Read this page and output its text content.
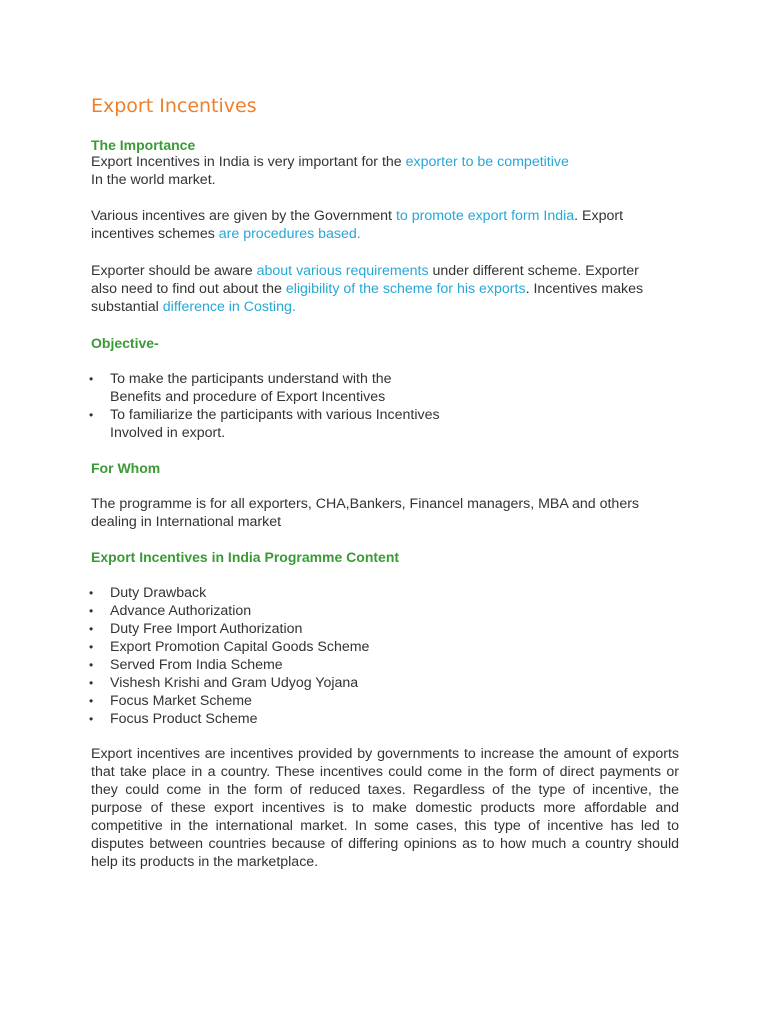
Export Incentives
The Importance

Export Incentives in India is very important for the exporter to be competitive
In the world market.

Various incentives are given by the Government to promote export form India. Export
incentives schemes are procedures based.

Exporter should be aware about various requirements under different scheme. Exporter
also need to find out about the eligibility of the scheme for his exports. Incentives makes
substantial difference in Costing.

Objective-
• To make the participants understand with the
Benefits and procedure of Export Incentives
• To familiarize the participants with various Incentives
Involved in export.
For Whom

The programme is for all exporters, CHA,Bankers, Financel managers, MBA and others
dealing in International market

Export Incentives in India Programme Content
• Duty Drawback
• Advance Authorization
• Duty Free Import Authorization
• Export Promotion Capital Goods Scheme
• Served From India Scheme
• Vishesh Krishi and Gram Udyog Yojana
• Focus Market Scheme
• Focus Product Scheme

Export incentives are incentives provided by governments to increase the amount of exports that take place in a country. These incentives could come in the form of direct payments or they could come in the form of reduced taxes. Regardless of the type of incentive, the purpose of these export incentives is to make domestic products more affordable and competitive in the international market. In some cases, this type of incentive has led to disputes between countries because of differing opinions as to how much a country should help its products in the marketplace.
